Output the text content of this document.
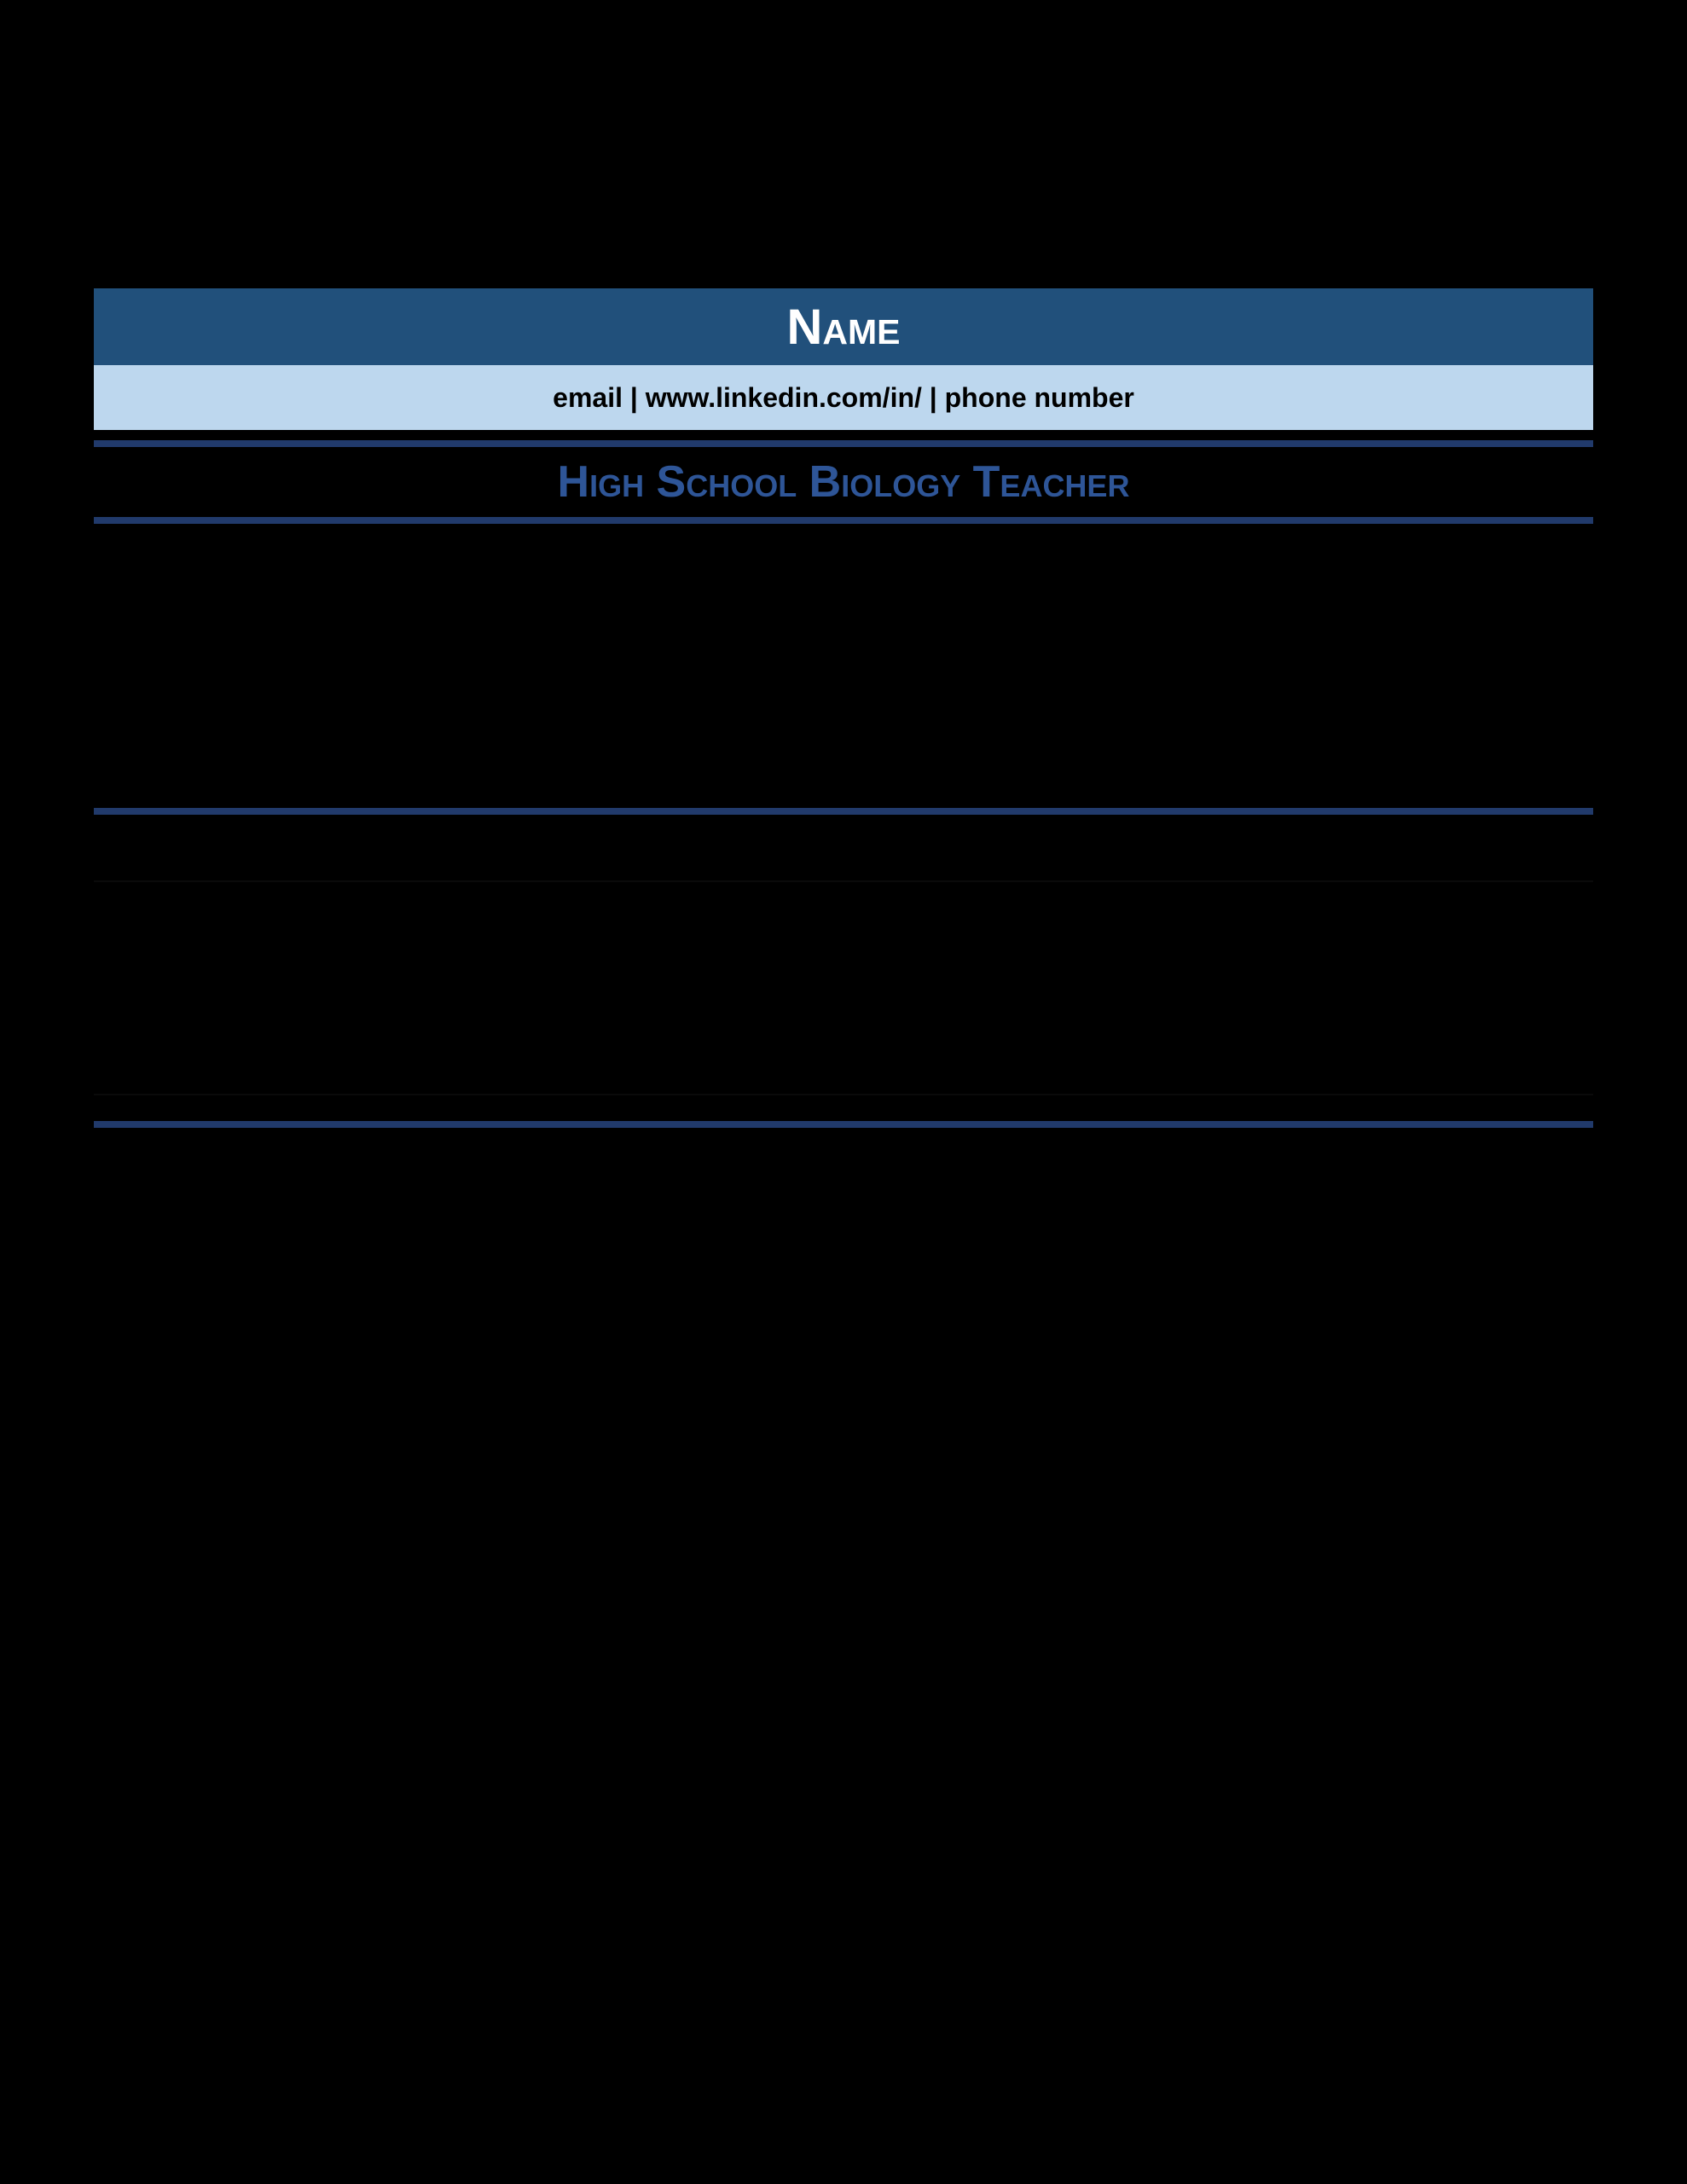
Name
email | www.linkedin.com/in/ | phone number
High School Biology Teacher
Profile

Dedicated, knowledgeable High School Biology Teacher with experience creating and implementing biology curriculum for high school students. Adept at delivering engaging lessons that develop critical thinking and inspire curiosity about the natural world. Skilled at building positive relationships with students, parents, and faculty. Effective classroom manager who maintains a safe, respectful learning environment. Committed to supporting student achievement and serving as a valued member of the academic community. Strong collaborator who works with colleagues and administrators on initiatives to promote student engagement and learning.

Core Proficiencies
• Secondary Education
• Curriculum Development
• Classroom Management
• Parent-Teacher Communication
• Student Assessment
• Lesson Plan Design
• Laboratory Activities
• Differentiated Instruction
• Grading
• Student Support
• Lab Safety Procedures
• Science Standards
Professional Experience
Company, City, ST	Year to Year
High School Biology Teacher
• Developed biology curriculum aligned with state standards for grades 9 through 12
• Designed engaging lesson plans and laboratory activities that increased student interest in biological concepts
• Assessed student progress through tests, quizzes, lab reports, and projects
• Provided individualized instruction and support to students of diverse abilities and learning needs
• Communicated with parents regularly regarding student progress, behavior, and achievements
• Established and maintained a safe and respectful classroom environment conducive to learning for all students
• Collaborated with colleagues to plan interdisciplinary units and school-wide science events, including the annual science fair
• Supervised laboratory activities ensuring adherence to all safety protocols and proper handling of equipment
• Attended professional development workshops to stay current with advances in science education
Company, City, ST	Year to Year
Assistant High School Biology Teacher
• Assisted lead teacher in delivering biology lessons and laboratory activities to high school students
• Supported classroom management and provided individualized assistance to students needing additional help
• Prepared lab materials and equipment for experiments and ensured that lab areas were clean and organized
• Graded assignments and maintained accurate records of student performance and attendance
